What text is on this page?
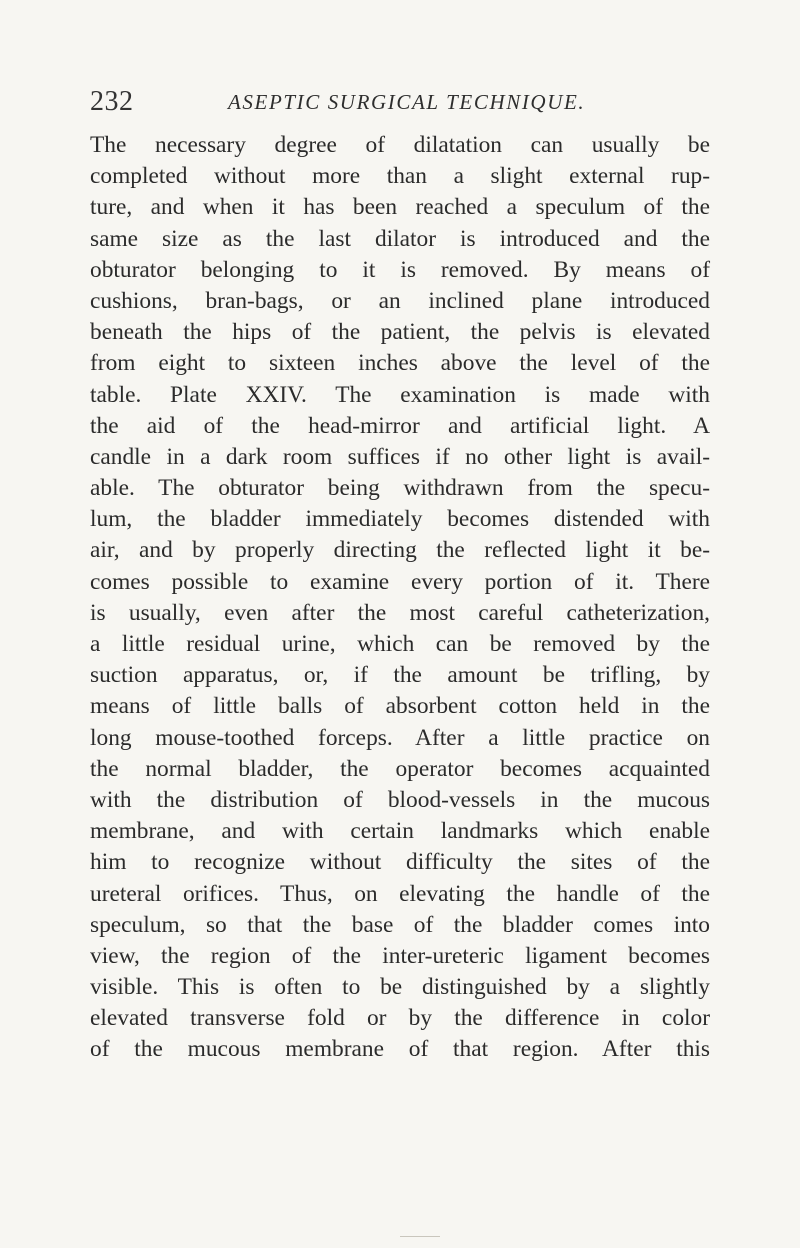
232	ASEPTIC SURGICAL TECHNIQUE.
The necessary degree of dilatation can usually be
completed without more than a slight external rup-
ture, and when it has been reached a speculum of the
same size as the last dilator is introduced and the
obturator belonging to it is removed. By means of
cushions, bran-bags, or an inclined plane introduced
beneath the hips of the patient, the pelvis is elevated
from eight to sixteen inches above the level of the
table. Plate XXIV. The examination is made with
the aid of the head-mirror and artificial light. A
candle in a dark room suffices if no other light is avail-
able. The obturator being withdrawn from the specu-
lum, the bladder immediately becomes distended with
air, and by properly directing the reflected light it be-
comes possible to examine every portion of it. There
is usually, even after the most careful catheterization,
a little residual urine, which can be removed by the
suction apparatus, or, if the amount be trifling, by
means of little balls of absorbent cotton held in the
long mouse-toothed forceps. After a little practice on
the normal bladder, the operator becomes acquainted
with the distribution of blood-vessels in the mucous
membrane, and with certain landmarks which enable
him to recognize without difficulty the sites of the
ureteral orifices. Thus, on elevating the handle of the
speculum, so that the base of the bladder comes into
view, the region of the inter-ureteric ligament becomes
visible. This is often to be distinguished by a slightly
elevated transverse fold or by the difference in color
of the mucous membrane of that region. After this
